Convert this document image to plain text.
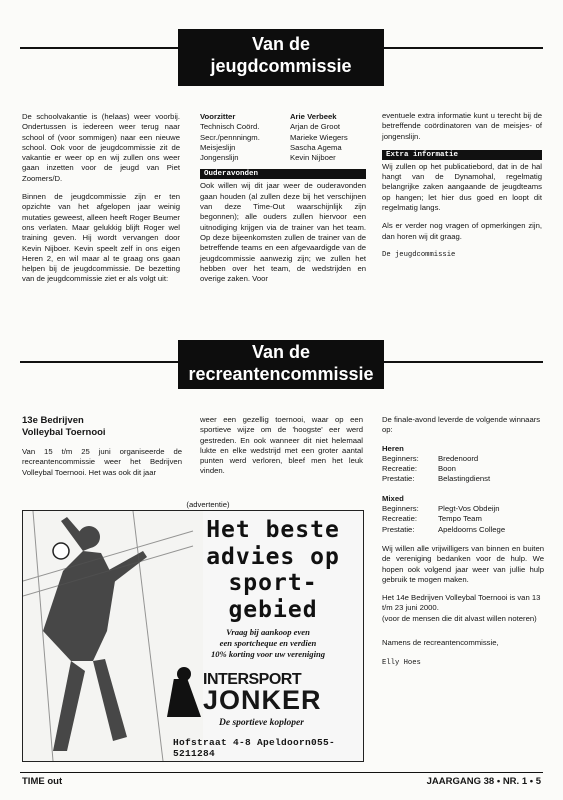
Van de
jeugdcommissie

De schoolvakantie is (helaas) weer voorbij. Ondertussen is iedereen weer terug naar school of (voor sommigen) naar een nieuwe school. Ook voor de jeugdcommissie zit de vakantie er weer op en wij zullen ons weer gaan inzetten voor de jeugd van Piet Zoomers/D.

Binnen de jeugdcommissie zijn er ten opzichte van het afgelopen jaar weinig mutaties geweest, alleen heeft Roger Beumer ons verlaten. Maar gelukkig blijft Roger wel training geven. Hij wordt vervangen door Kevin Nijboer. Kevin speelt zelf in ons eigen Heren 2, en wil maar al te graag ons gaan helpen bij de jeugdcommissie. De bezetting van de jeugdcommissie ziet er als volgt uit:

Voorzitter	Arie Verbeek
Technisch Coörd.	Arjan de Groot
Secr./pennningm.	Marieke Wiegers
Meisjeslijn	Sascha Agema
Jongenslijn	Kevin Nijboer
Ouderavonden

Ook willen wij dit jaar weer de ouderavonden gaan houden (al zullen deze bij het verschijnen van deze Time-Out waarschijnlijk zijn begonnen); alle ouders zullen hiervoor een uitnodiging krijgen via de trainer van het team. Op deze bijeenkomsten zullen de trainer van de betreffende teams en een afgevaardigde van de jeugdcommissie aanwezig zijn; we zullen het hebben over het team, de wedstrijden en overige zaken. Voor

eventuele extra informatie kunt u terecht bij de betreffende coördinatoren van de meisjes- of jongenslijn.

Extra informatie

Wij zullen op het publicatiebord, dat in de hal hangt van de Dynamohal, regelmatig belangrijke zaken aangaande de jeugdteams op hangen; let hier dus goed en loopt dit regelmatig langs.

Als er verder nog vragen of opmerkingen zijn, dan horen wij dit graag.

De jeugdcommissie

Van de
recreantencommissie
13e Bedrijven
Volleybal Toernooi

Van 15 t/m 25 juni organiseerde de recreantencommissie weer het Bedrijven Volleybal Toernooi. Het was ook dit jaar

weer een gezellig toernooi, waar op een sportieve wijze om de 'hoogste' eer werd gestreden. En ook wanneer dit niet helemaal lukte en elke wedstrijd met een groter aantal punten werd verloren, bleef men het leuk vinden.

De finale-avond leverde de volgende winnaars op:

Heren
Beginners:	Bredenoord
Recreatie:	Boon
Prestatie:	Belastingdienst
Mixed
Beginners:	Plegt-Vos Obdeijn
Recreatie:	Tempo Team
Prestatie:	Apeldoorns College

Wij willen alle vrijwilligers van binnen en buiten de vereniging bedanken voor de hulp. We hopen ook volgend jaar weer van jullie hulp gebruik te mogen maken.

Het 14e Bedrijven Volleybal Toernooi is van 13 t/m 23 juni 2000.

(voor de mensen die dit alvast willen noteren)

Namens de recreantencommissie,

Elly Hoes

(advertentie)
Het beste
advies op
sport-
gebied
Vraag bij aankoop even
een sportcheque en verdien
10% korting voor uw vereniging
INTERSPORT
JONKER
De sportieve koploper
Hofstraat 4-8 Apeldoorn055-5211284
TIME out	JAARGANG 38 • NR. 1 • 5
